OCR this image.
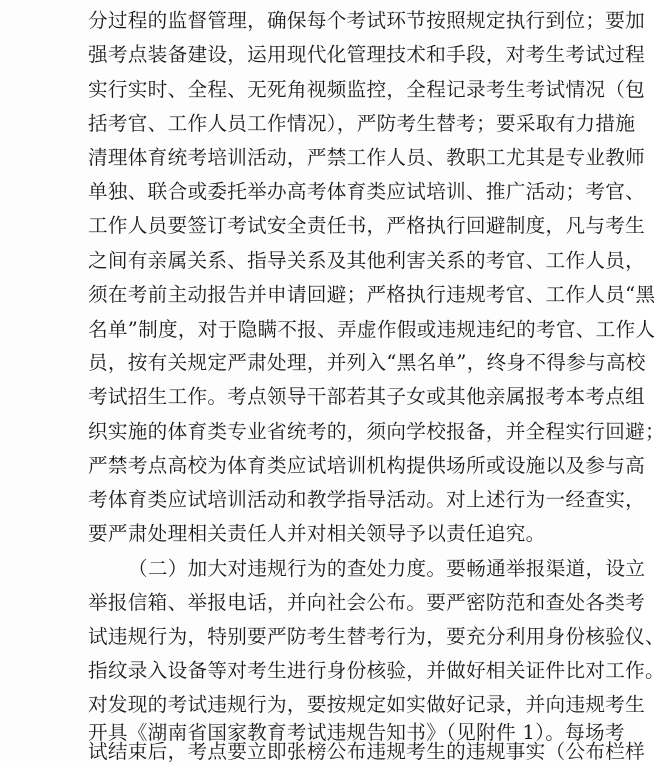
分过程的监督管理，确保每个考试环节按照规定执行到位；要加
强考点装备建设，运用现代化管理技术和手段，对考生考试过程
实行实时、全程、无死角视频监控，全程记录考生考试情况（包
括考官、工作人员工作情况），严防考生替考；要采取有力措施
清理体育统考培训活动，严禁工作人员、教职工尤其是专业教师
单独、联合或委托举办高考体育类应试培训、推广活动；考官、
工作人员要签订考试安全责任书，严格执行回避制度，凡与考生
之间有亲属关系、指导关系及其他利害关系的考官、工作人员，
须在考前主动报告并申请回避；严格执行违规考官、工作人员“黑
名单”制度，对于隐瞒不报、弄虚作假或违规违纪的考官、工作人
员，按有关规定严肃处理，并列入“黑名单”，终身不得参与高校
考试招生工作。考点领导干部若其子女或其他亲属报考本考点组
织实施的体育类专业省统考的，须向学校报备，并全程实行回避；
严禁考点高校为体育类应试培训机构提供场所或设施以及参与高
考体育类应试培训活动和教学指导活动。对上述行为一经查实，
要严肃处理相关责任人并对相关领导予以责任追究。
（二）加大对违规行为的查处力度。要畅通举报渠道，设立
举报信箱、举报电话，并向社会公布。要严密防范和查处各类考
试违规行为，特别要严防考生替考行为，要充分利用身份核验仪、
指纹录入设备等对考生进行身份核验，并做好相关证件比对工作。
对发现的考试违规行为，要按规定如实做好记录，并向违规考生
开具《湖南省国家教育考试违规告知书》（见附件 1）。每场考
试结束后，考点要立即张榜公布违规考生的违规事实（公布栏样
